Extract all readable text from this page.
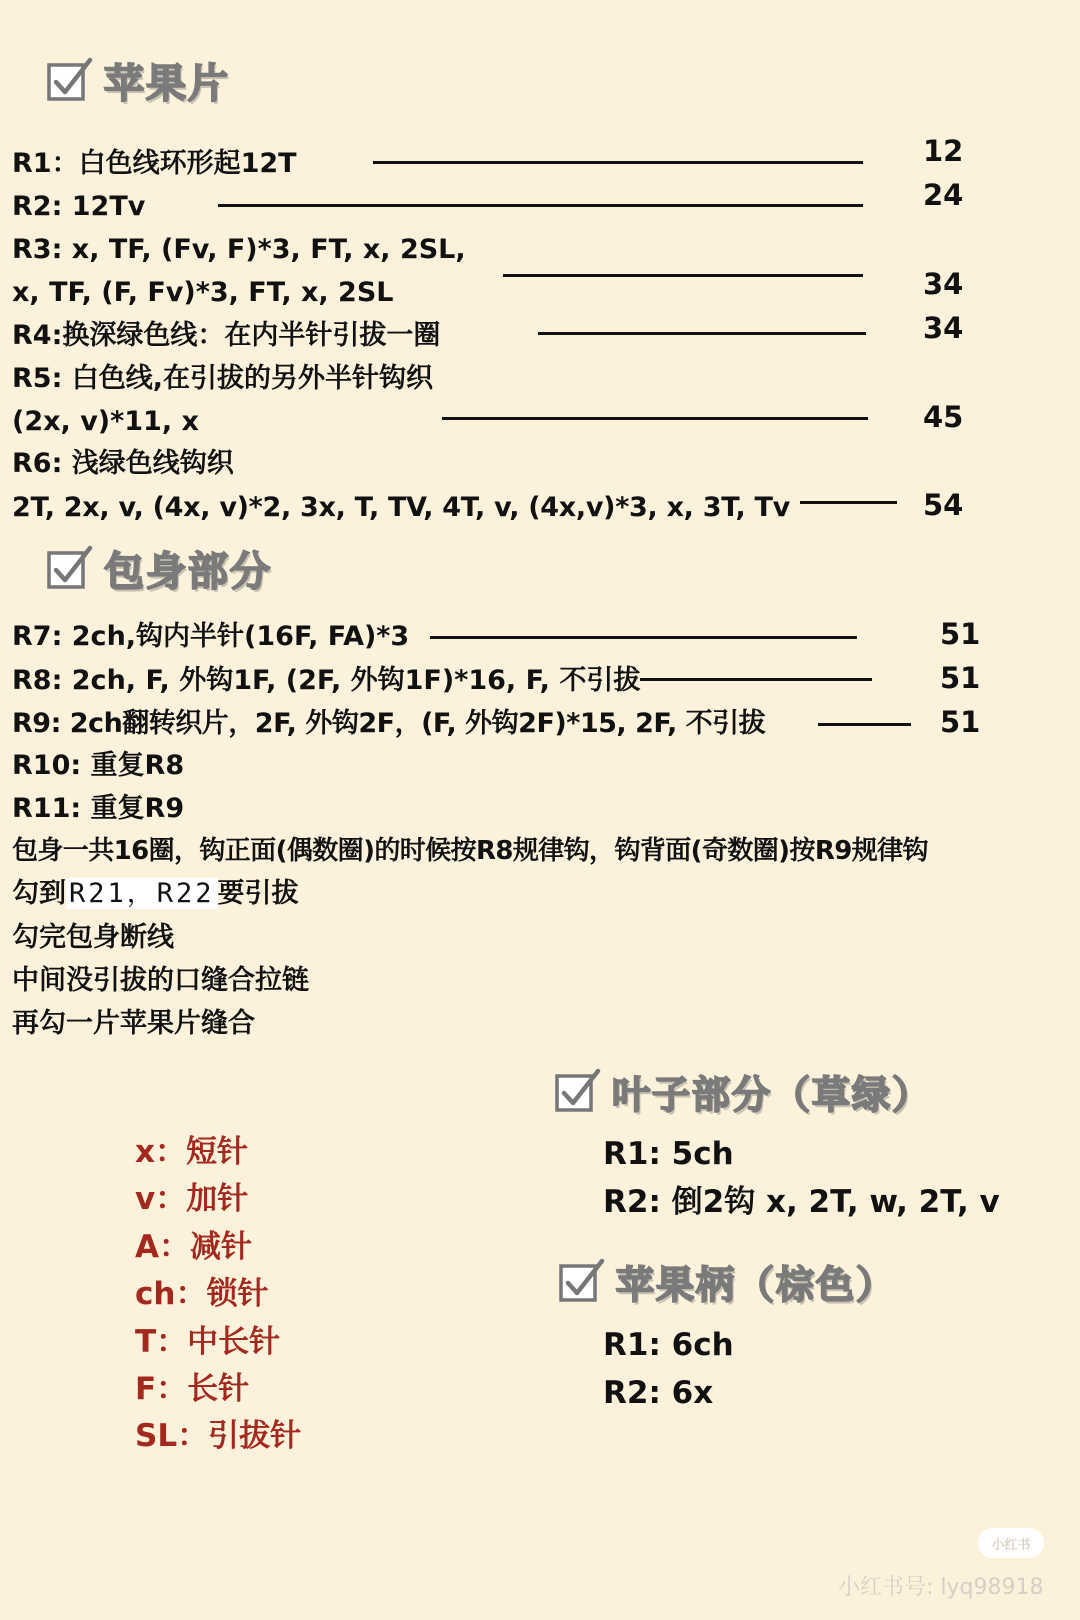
苹果片
R1：白色线环形起12T	12
R2: 12Tv	24
R3: x, TF, (Fv, F)*3, FT, x, 2SL,
x, TF, (F, Fv)*3, FT, x, 2SL	34
R4:换深绿色线：在内半针引拔一圈	34
R5: 白色线,在引拔的另外半针钩织
(2x, v)*11, x	45
R6: 浅绿色线钩织
2T, 2x, v, (4x, v)*2, 3x, T, TV, 4T, v, (4x,v)*3, x, 3T, Tv	54
包身部分
R7: 2ch,钩内半针(16F, FA)*3	51
R8: 2ch, F, 外钩1F, (2F, 外钩1F)*16, F, 不引拔	51
R9: 2ch翻转织片，2F, 外钩2F，(F, 外钩2F)*15, 2F, 不引拔	51
R10: 重复R8
R11: 重复R9
包身一共16圈，钩正面(偶数圈)的时候按R8规律钩，钩背面(奇数圈)按R9规律钩
勾到 R21，R22 要引拔
勾完包身断线
中间没引拔的口缝合拉链
再勾一片苹果片缝合
x：短针
v：加针
A：减针
ch：锁针
T：中长针
F：长针
SL：引拔针
叶子部分（草绿）
R1: 5ch
R2: 倒2钩 x, 2T, w, 2T, v
苹果柄（棕色）
R1: 6ch
R2: 6x
小红书
小红书号: lyq98918
